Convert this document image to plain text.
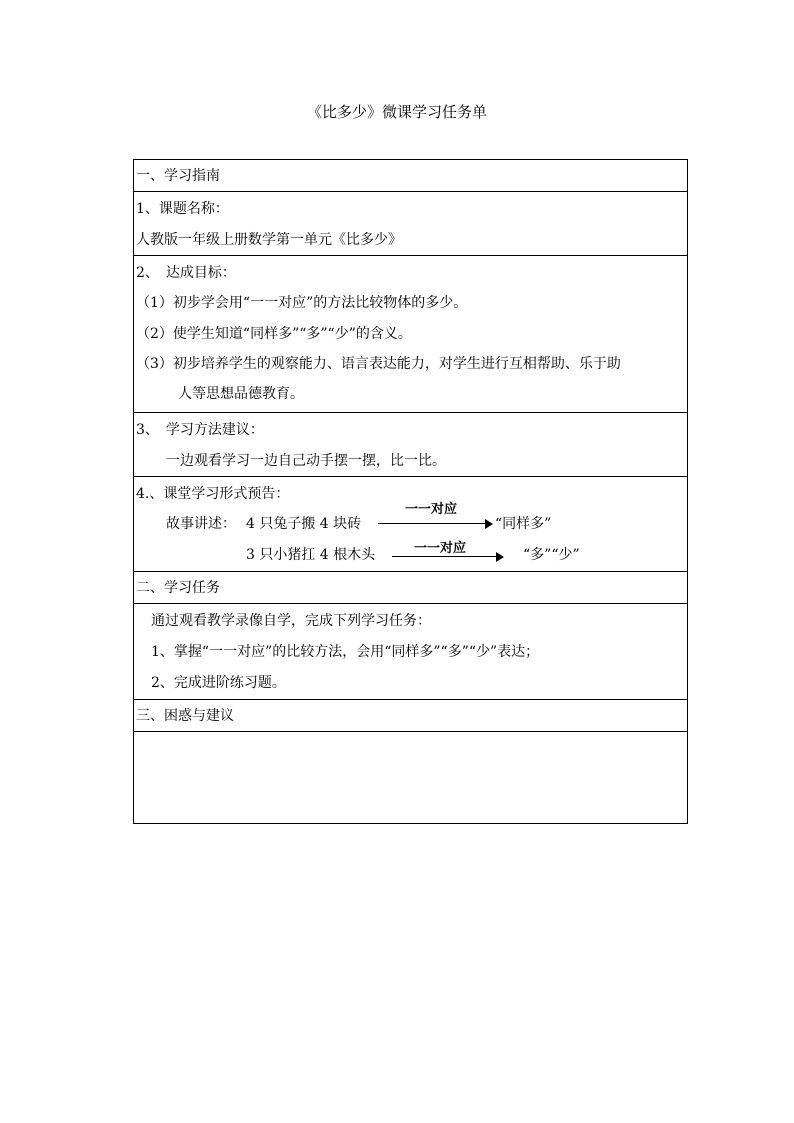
《比多少》微课学习任务单
一、学习指南
1、课题名称：
人教版一年级上册数学第一单元《比多少》
2、　达成目标：
（1）初步学会用“一一对应”的方法比较物体的多少。
（2）使学生知道“同样多”“多”“少”的含义。
（3）初步培养学生的观察能力、语言表达能力，对学生进行互相帮助、乐于助
人等思想品德教育。
3、　学习方法建议：
一边观看学习一边自己动手摆一摆，比一比。
4.、课堂学习形式预告：
故事讲述： 4 只兔子搬 4 块砖
一一对应
“同样多”
3 只小猪扛 4 根木头	一一对应	“多”“少”
二、学习任务
通过观看教学录像自学，完成下列学习任务：
1、掌握“一一对应”的比较方法，会用“同样多”“多”“少”表达；
2、完成进阶练习题。
三、困惑与建议
